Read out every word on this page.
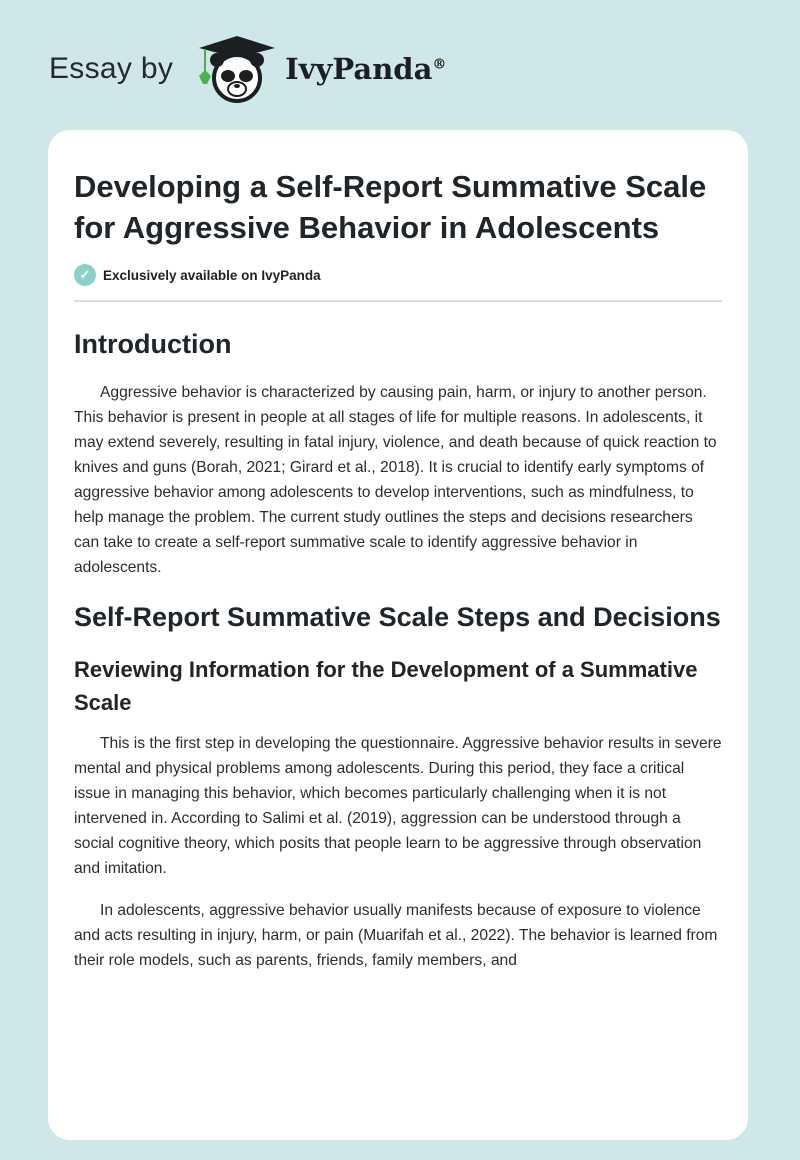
Essay by	IvyPanda®
Developing a Self-Report Summative Scale for Aggressive Behavior in Adolescents
✓ Exclusively available on IvyPanda
Introduction

Aggressive behavior is characterized by causing pain, harm, or injury to another person. This behavior is present in people at all stages of life for multiple reasons. In adolescents, it may extend severely, resulting in fatal injury, violence, and death because of quick reaction to knives and guns (Borah, 2021; Girard et al., 2018). It is crucial to identify early symptoms of aggressive behavior among adolescents to develop interventions, such as mindfulness, to help manage the problem. The current study outlines the steps and decisions researchers can take to create a self-report summative scale to identify aggressive behavior in adolescents.

Self-Report Summative Scale Steps and Decisions
Reviewing Information for the Development of a Summative Scale

This is the first step in developing the questionnaire. Aggressive behavior results in severe mental and physical problems among adolescents. During this period, they face a critical issue in managing this behavior, which becomes particularly challenging when it is not intervened in. According to Salimi et al. (2019), aggression can be understood through a social cognitive theory, which posits that people learn to be aggressive through observation and imitation.

In adolescents, aggressive behavior usually manifests because of exposure to violence and acts resulting in injury, harm, or pain (Muarifah et al., 2022). The behavior is learned from their role models, such as parents, friends, family members, and
